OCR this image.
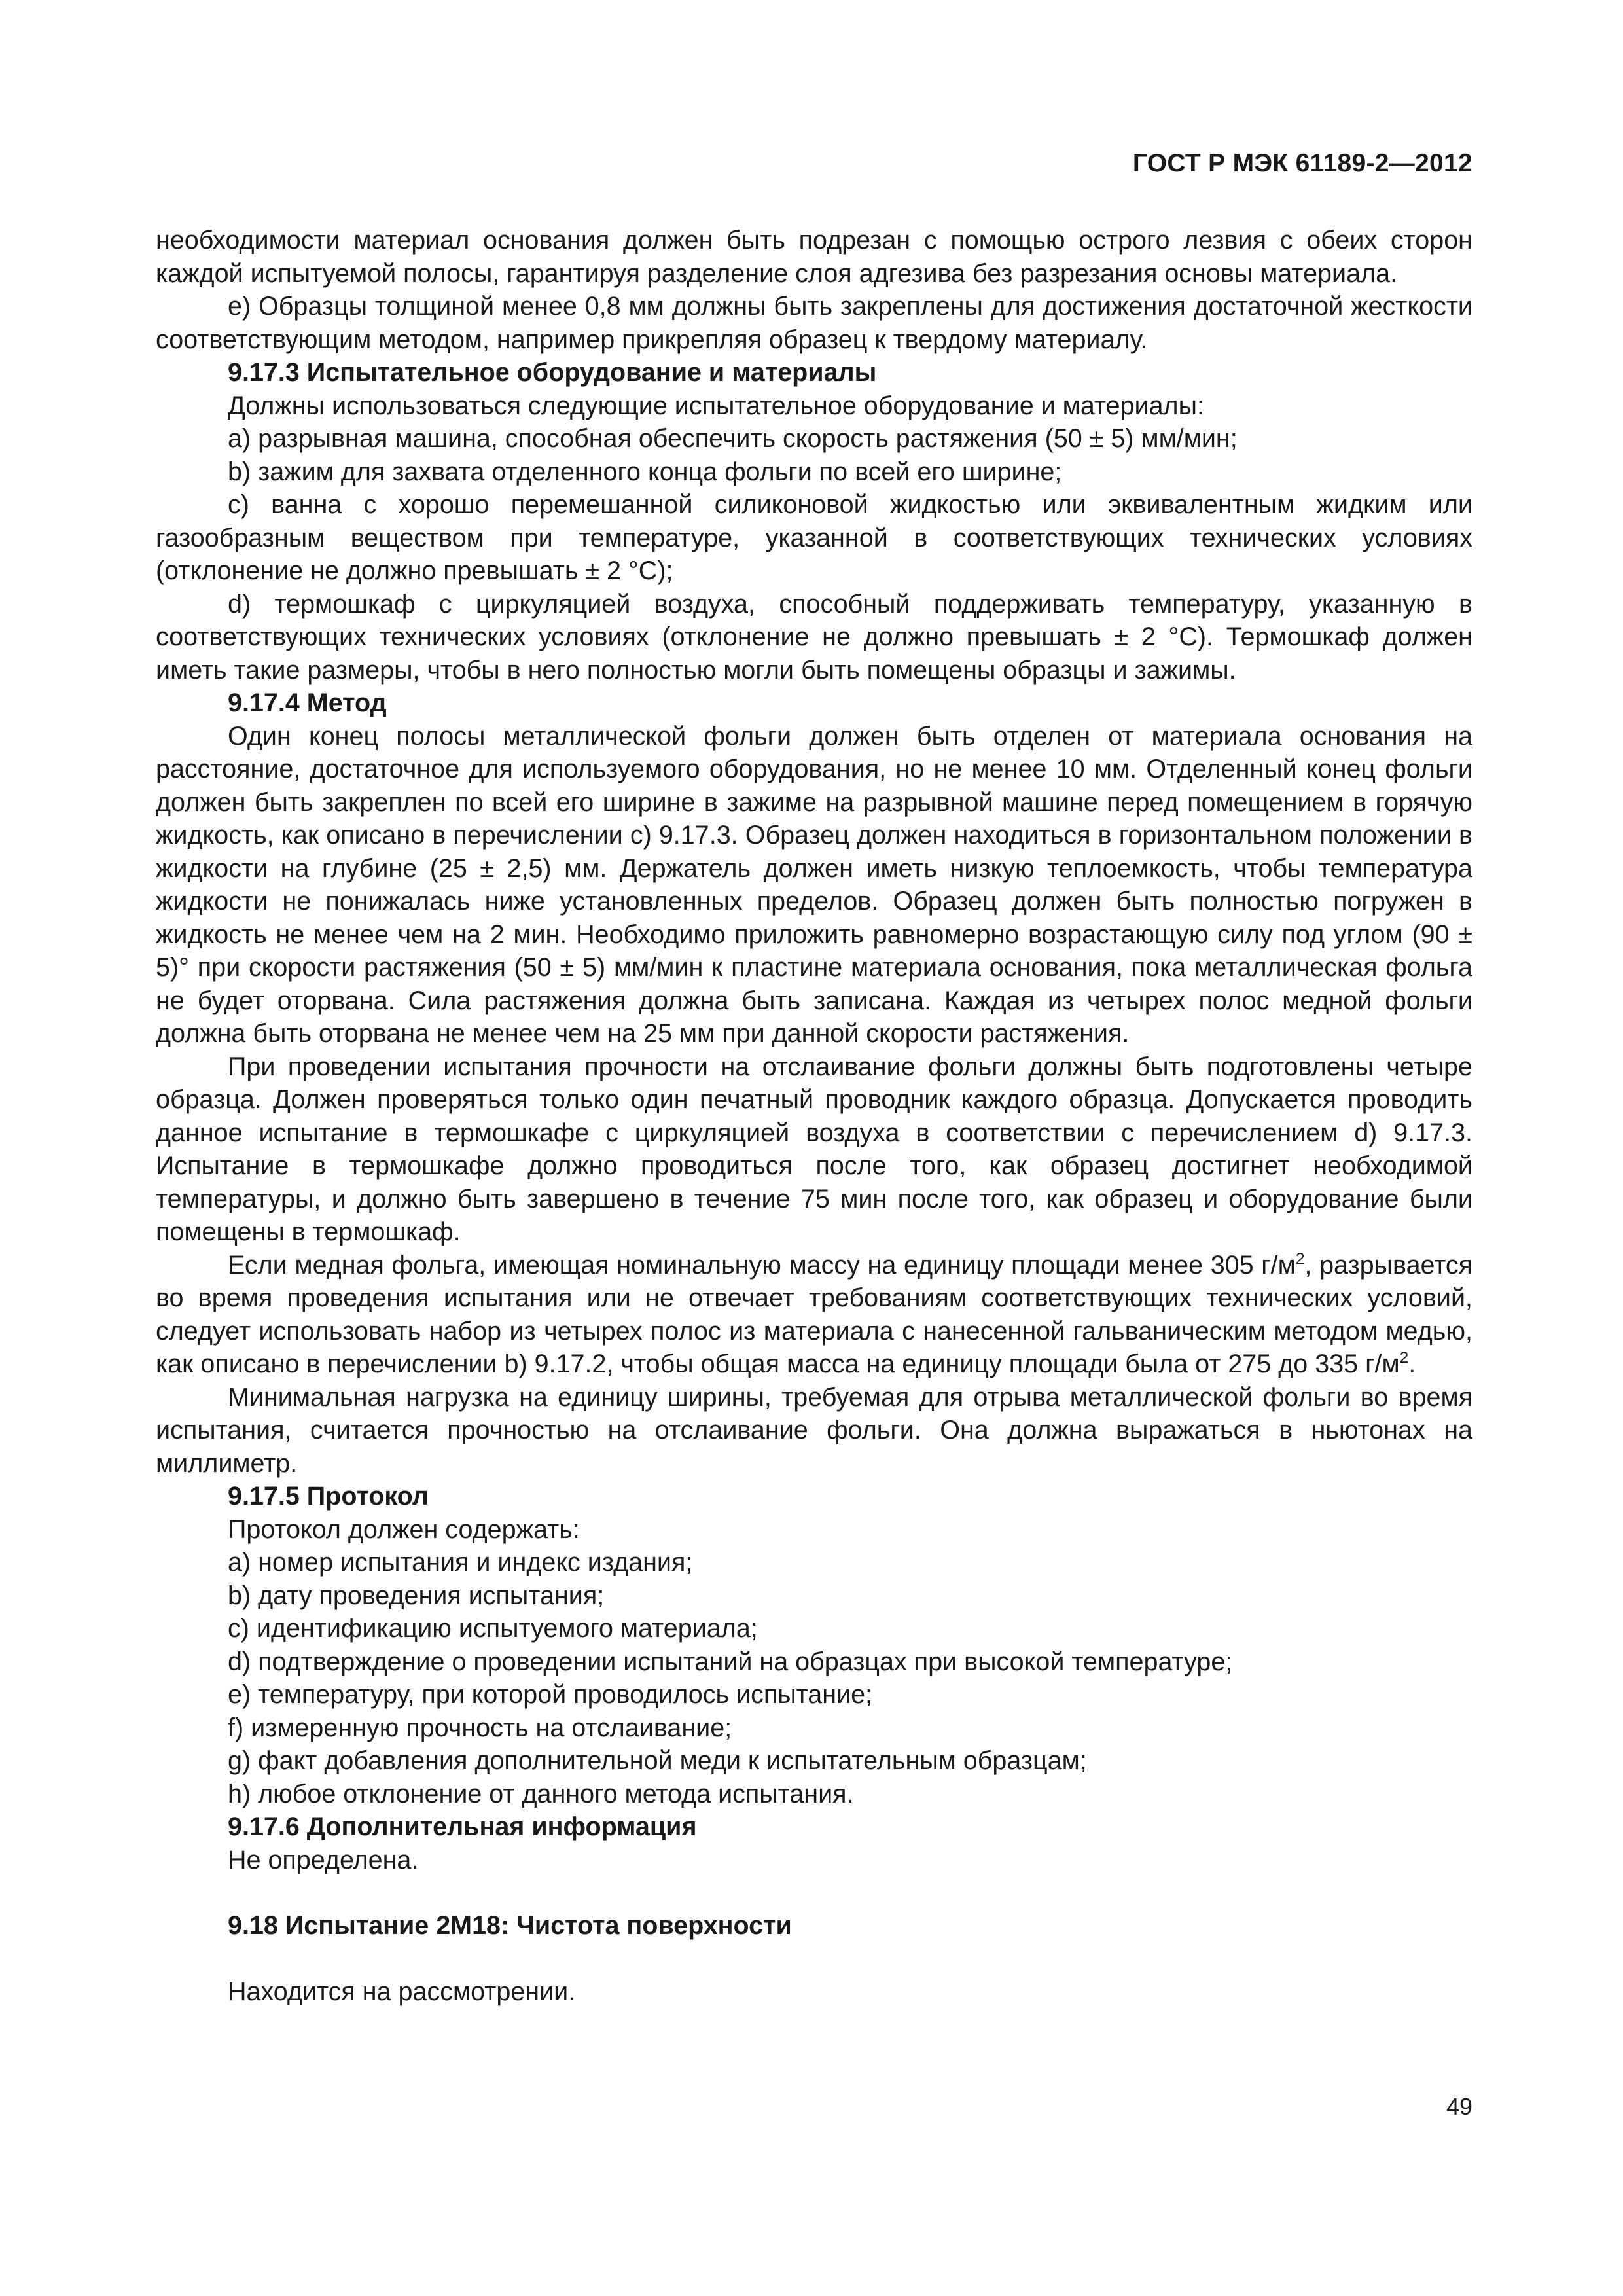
ГОСТ Р МЭК 61189-2—2012

необходимости материал основания должен быть подрезан с помощью острого лезвия с обеих сторон каждой испытуемой полосы, гарантируя разделение слоя адгезива без разрезания основы материала.

е) Образцы толщиной менее 0,8 мм должны быть закреплены для достижения достаточной жесткости соответствующим методом, например прикрепляя образец к твердому материалу.

9.17.3 Испытательное оборудование и материалы

Должны использоваться следующие испытательное оборудование и материалы:

a) разрывная машина, способная обеспечить скорость растяжения (50 ± 5) мм/мин;

b) зажим для захвата отделенного конца фольги по всей его ширине;

c) ванна с хорошо перемешанной силиконовой жидкостью или эквивалентным жидким или газообразным веществом при температуре, указанной в соответствующих технических условиях (отклонение не должно превышать ± 2 °С);

d) термошкаф с циркуляцией воздуха, способный поддерживать температуру, указанную в соответствующих технических условиях (отклонение не должно превышать ± 2 °С). Термошкаф должен иметь такие размеры, чтобы в него полностью могли быть помещены образцы и зажимы.

9.17.4 Метод

Один конец полосы металлической фольги должен быть отделен от материала основания на расстояние, достаточное для используемого оборудования, но не менее 10 мм. Отделенный конец фольги должен быть закреплен по всей его ширине в зажиме на разрывной машине перед помещением в горячую жидкость, как описано в перечислении с) 9.17.3. Образец должен находиться в горизонтальном положении в жидкости на глубине (25 ± 2,5) мм. Держатель должен иметь низкую теплоемкость, чтобы температура жидкости не понижалась ниже установленных пределов. Образец должен быть полностью погружен в жидкость не менее чем на 2 мин. Необходимо приложить равномерно возрастающую силу под углом (90 ± 5)° при скорости растяжения (50 ± 5) мм/мин к пластине материала основания, пока металлическая фольга не будет оторвана. Сила растяжения должна быть записана. Каждая из четырех полос медной фольги должна быть оторвана не менее чем на 25 мм при данной скорости растяжения.

При проведении испытания прочности на отслаивание фольги должны быть подготовлены четыре образца. Должен проверяться только один печатный проводник каждого образца. Допускается проводить данное испытание в термошкафе с циркуляцией воздуха в соответствии с перечислением d) 9.17.3. Испытание в термошкафе должно проводиться после того, как образец достигнет необходимой температуры, и должно быть завершено в течение 75 мин после того, как образец и оборудование были помещены в термошкаф.

Если медная фольга, имеющая номинальную массу на единицу площади менее 305 $г/м^2$, разрывается во время проведения испытания или не отвечает требованиям соответствующих технических условий, следует использовать набор из четырех полос из материала с нанесенной гальваническим методом медью, как описано в перечислении b) 9.17.2, чтобы общая масса на единицу площади была от 275 до 335 $г/м^2$.

Минимальная нагрузка на единицу ширины, требуемая для отрыва металлической фольги во время испытания, считается прочностью на отслаивание фольги. Она должна выражаться в ньютонах на миллиметр.

9.17.5 Протокол

Протокол должен содержать:

a) номер испытания и индекс издания;

b) дату проведения испытания;

c) идентификацию испытуемого материала;

d) подтверждение о проведении испытаний на образцах при высокой температуре;

e) температуру, при которой проводилось испытание;

f) измеренную прочность на отслаивание;

g) факт добавления дополнительной меди к испытательным образцам;

h) любое отклонение от данного метода испытания.

9.17.6 Дополнительная информация

Не определена.

9.18 Испытание 2М18: Чистота поверхности

Находится на рассмотрении.

49
